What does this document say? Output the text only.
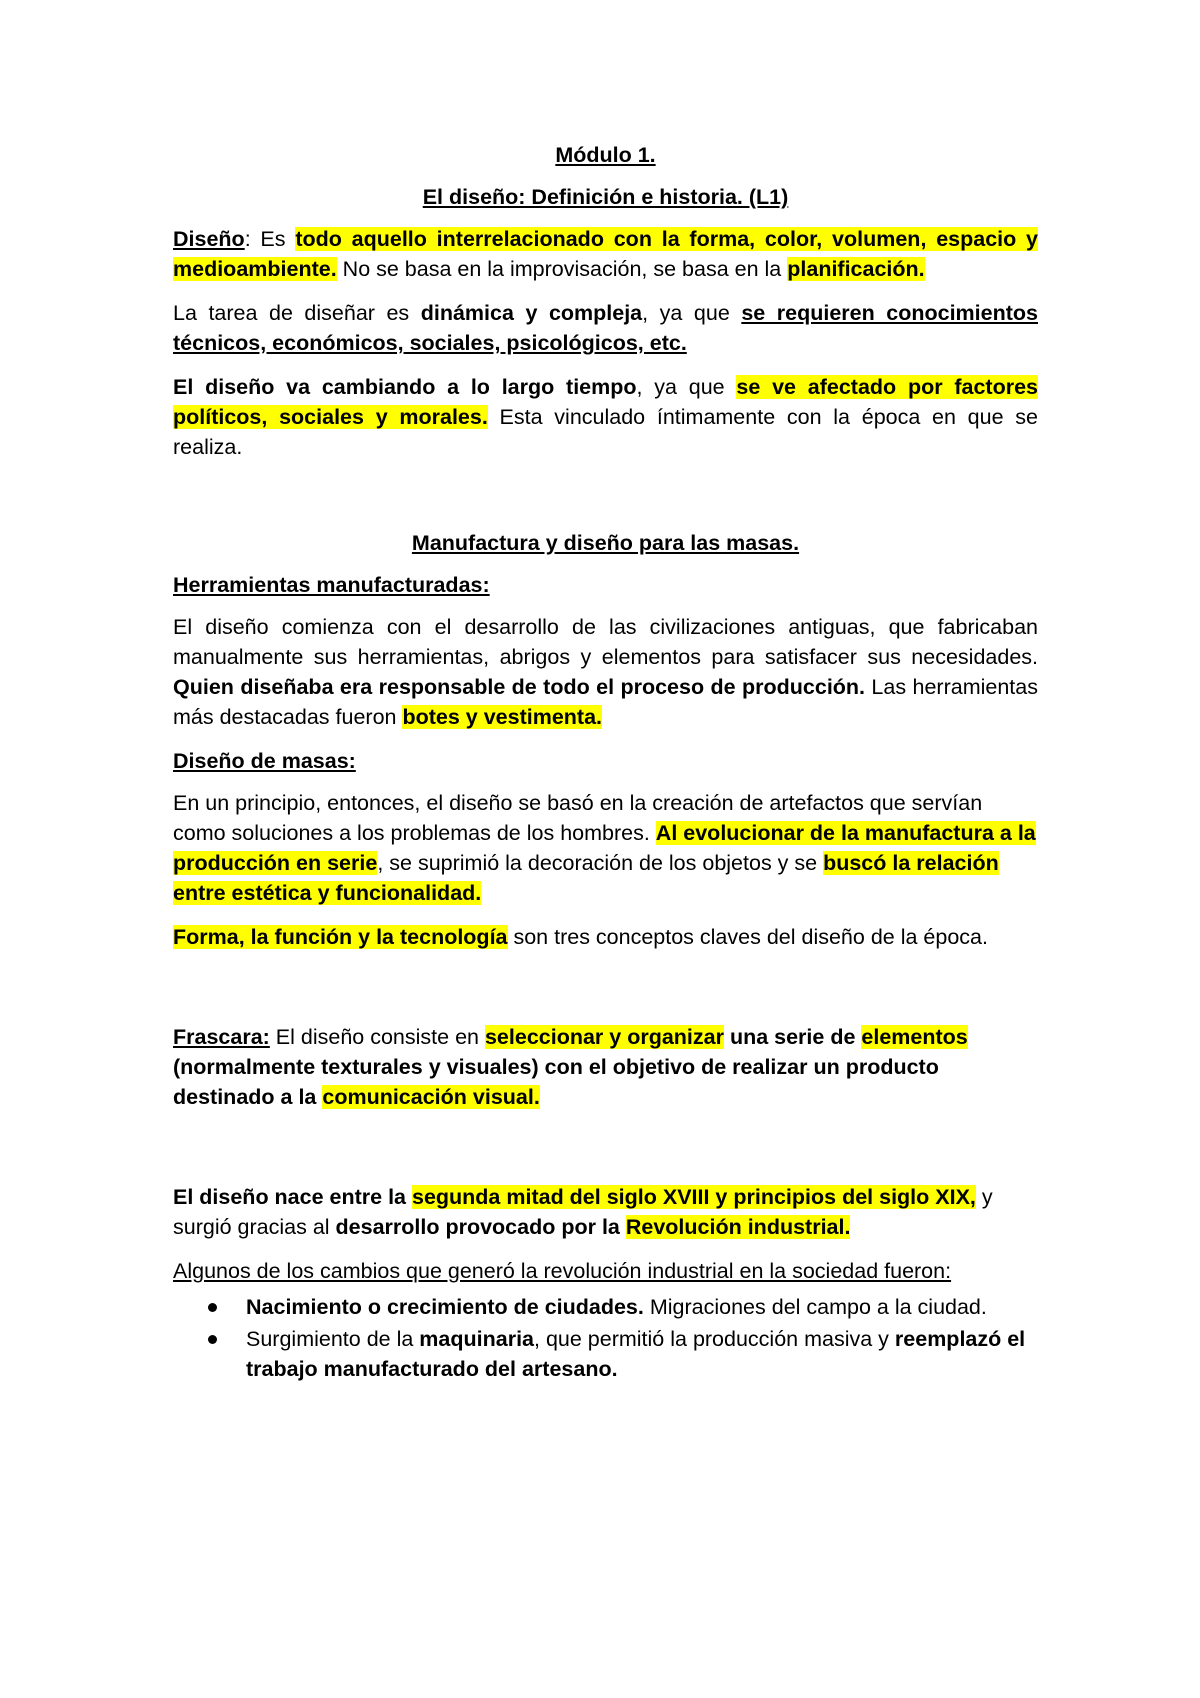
Módulo 1.

El diseño: Definición e historia. (L1)

Diseño: Es todo aquello interrelacionado con la forma, color, volumen, espacio y medioambiente. No se basa en la improvisación, se basa en la planificación.

La tarea de diseñar es dinámica y compleja, ya que se requieren conocimientos técnicos, económicos, sociales, psicológicos, etc.

El diseño va cambiando a lo largo tiempo, ya que se ve afectado por factores políticos, sociales y morales. Esta vinculado íntimamente con la época en que se realiza.

Manufactura y diseño para las masas.

Herramientas manufacturadas:

El diseño comienza con el desarrollo de las civilizaciones antiguas, que fabricaban manualmente sus herramientas, abrigos y elementos para satisfacer sus necesidades. Quien diseñaba era responsable de todo el proceso de producción. Las herramientas más destacadas fueron botes y vestimenta.

Diseño de masas:

En un principio, entonces, el diseño se basó en la creación de artefactos que servían como soluciones a los problemas de los hombres. Al evolucionar de la manufactura a la producción en serie, se suprimió la decoración de los objetos y se buscó la relación entre estética y funcionalidad.

Forma, la función y la tecnología son tres conceptos claves del diseño de la época.

Frascara: El diseño consiste en seleccionar y organizar una serie de elementos (normalmente texturales y visuales) con el objetivo de realizar un producto destinado a la comunicación visual.

El diseño nace entre la segunda mitad del siglo XVIII y principios del siglo XIX, y surgió gracias al desarrollo provocado por la Revolución industrial.

Algunos de los cambios que generó la revolución industrial en la sociedad fueron:

Nacimiento o crecimiento de ciudades. Migraciones del campo a la ciudad.
Surgimiento de la maquinaria, que permitió la producción masiva y reemplazó el trabajo manufacturado del artesano.
